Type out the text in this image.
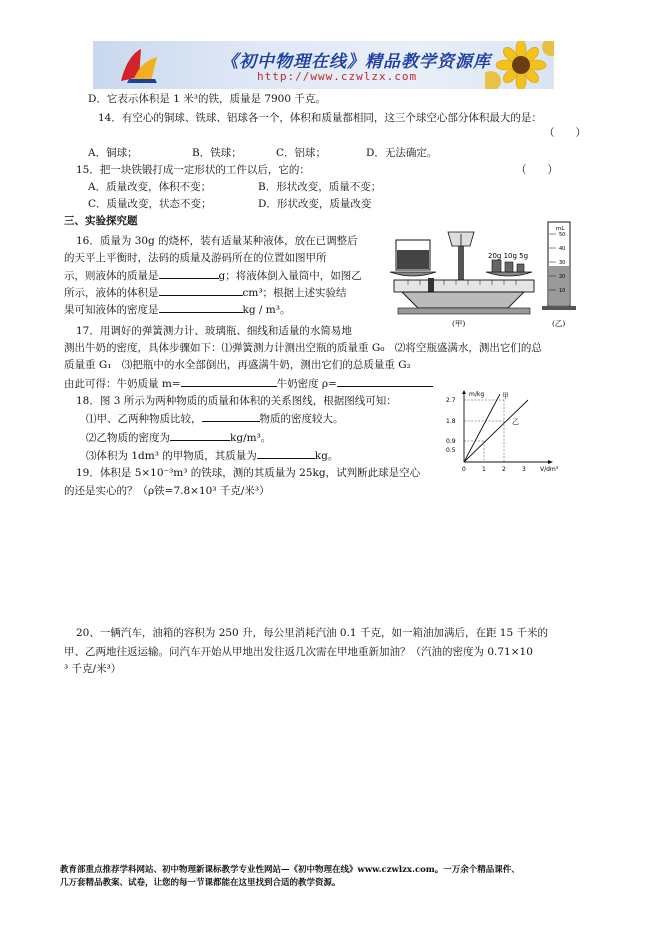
《初中物理在线》精品教学资源库
http://www.czwlzx.com
D．它表示体积是 1 米³的铁，质量是 7900 千克。
14．有空心的铜球、铁球、铝球各一个，体积和质量都相同，这三个球空心部分体积最大的是：
（　　）
A．铜球；	B．铁球；	C．铝球；	D．无法确定。
15．把一块铁锻打成一定形状的工件以后，它的：	（　　）
A．质量改变，体积不变；	B．形状改变，质量不变；
C．质量改变，状态不变；	D．形状改变，质量改变
三、实验探究题
16．质量为 30g 的烧杯，装有适量某种液体，放在已调整后
的天平上平衡时，法码的质量及游码所在的位置如图甲所
示，则液体的质量是	g；将液体倒入量筒中，如图乙
所示，液体的体积是	cm³；根据上述实验结
果可知液体的密度是	kg / m³。
20g 10g 5g
(甲)	(乙)
mL
50
40
30
20
10
17．用调好的弹簧测力计、玻璃瓶、细线和适量的水简易地
测出牛奶的密度，具体步骤如下：⑴弹簧测力计测出空瓶的质量重 G₀　⑵将空瓶盛满水，测出它们的总
质量重 G₁　⑶把瓶中的水全部倒出，再盛满牛奶，测出它们的总质量重 G₂
由此可得：牛奶质量 m=	牛奶密度 ρ=
18．图 3 所示为两种物质的质量和体积的关系图线，根据图线可知：
⑴甲、乙两种物质比较，	物质的密度较大。
⑵乙物质的密度为	kg/m³。
⑶体积为 1dm³ 的甲物质，其质量为	kg。
m/kg
V/dm³
2.7
1.8
0.9
0.5
0	1	2	3
甲
乙
19．体积是 5×10⁻³m³ 的铁球，测的其质量为 25kg，试判断此球是空心
的还是实心的？（ρ铁=7.8×10³ 千克/米³）
20、一辆汽车，油箱的容积为 250 升，每公里消耗汽油 0.1 千克，如一箱油加满后，在距 15 千米的
甲、乙两地往返运输。问汽车开始从甲地出发往返几次需在甲地重新加油？（汽油的密度为 0.71×10
³ 千克/米³）
教育部重点推荐学科网站、初中物理新课标教学专业性网站—《初中物理在线》www.czwlzx.com。一万余个精品课件、
几万套精品教案、试卷，让您的每一节课都能在这里找到合适的教学资源。
